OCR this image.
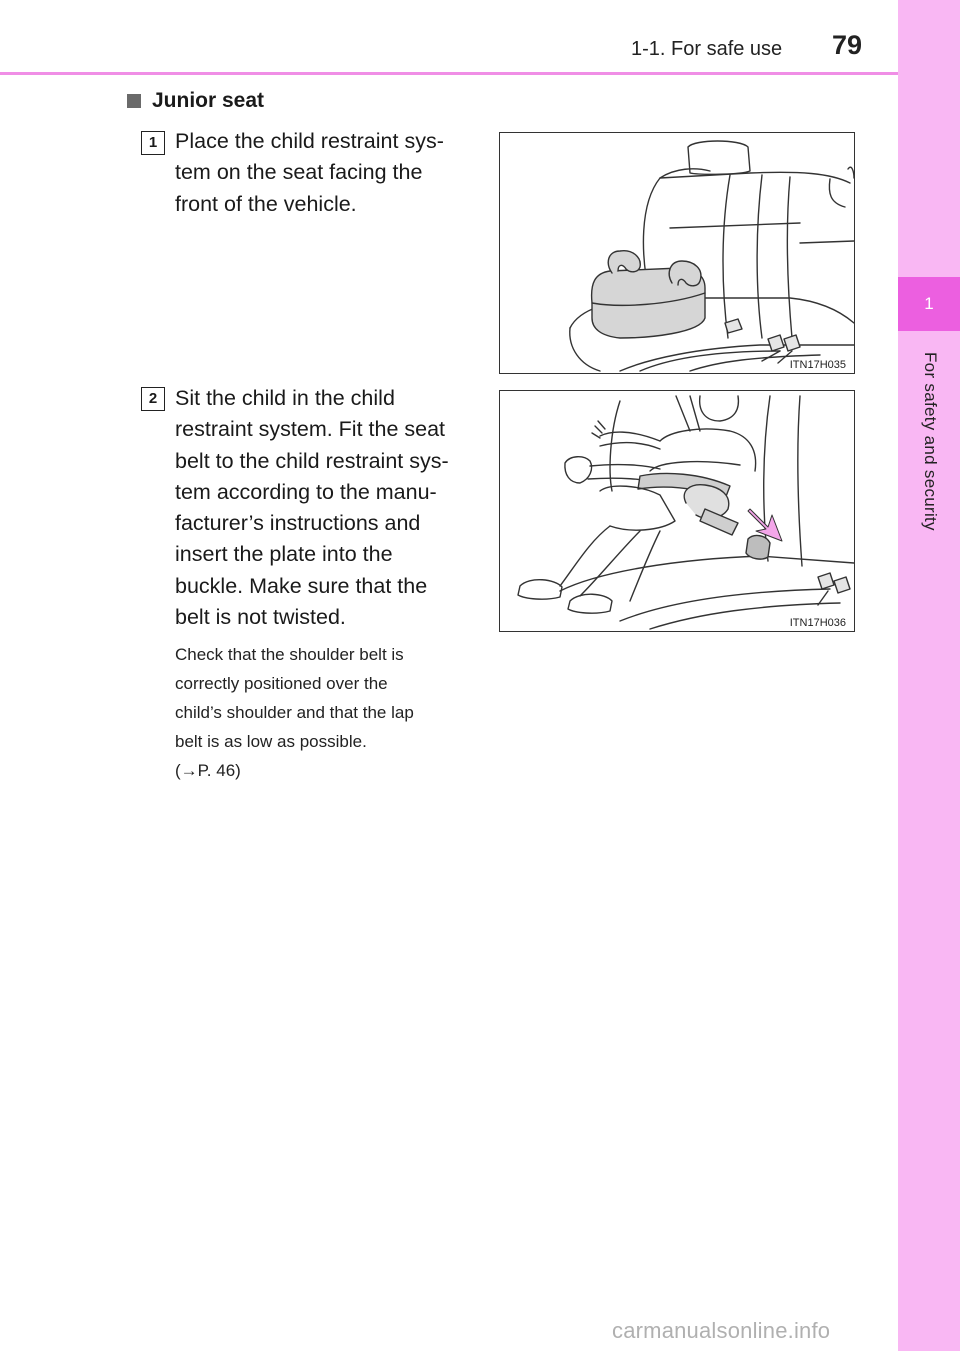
1-1. For safe use 79
1
For safety and security
Junior seat
1 Place the child restraint sys-
tem on the seat facing the
front of the vehicle.
ITN17H035
2 Sit the child in the child
restraint system. Fit the seat
belt to the child restraint sys-
tem according to the manu-
facturer’s instructions and
insert the plate into the
buckle. Make sure that the
belt is not twisted.	ITN17H036
Check that the shoulder belt is
correctly positioned over the
child’s shoulder and that the lap
belt is as low as possible.
(→P. 46)
carmanualsonline.info
